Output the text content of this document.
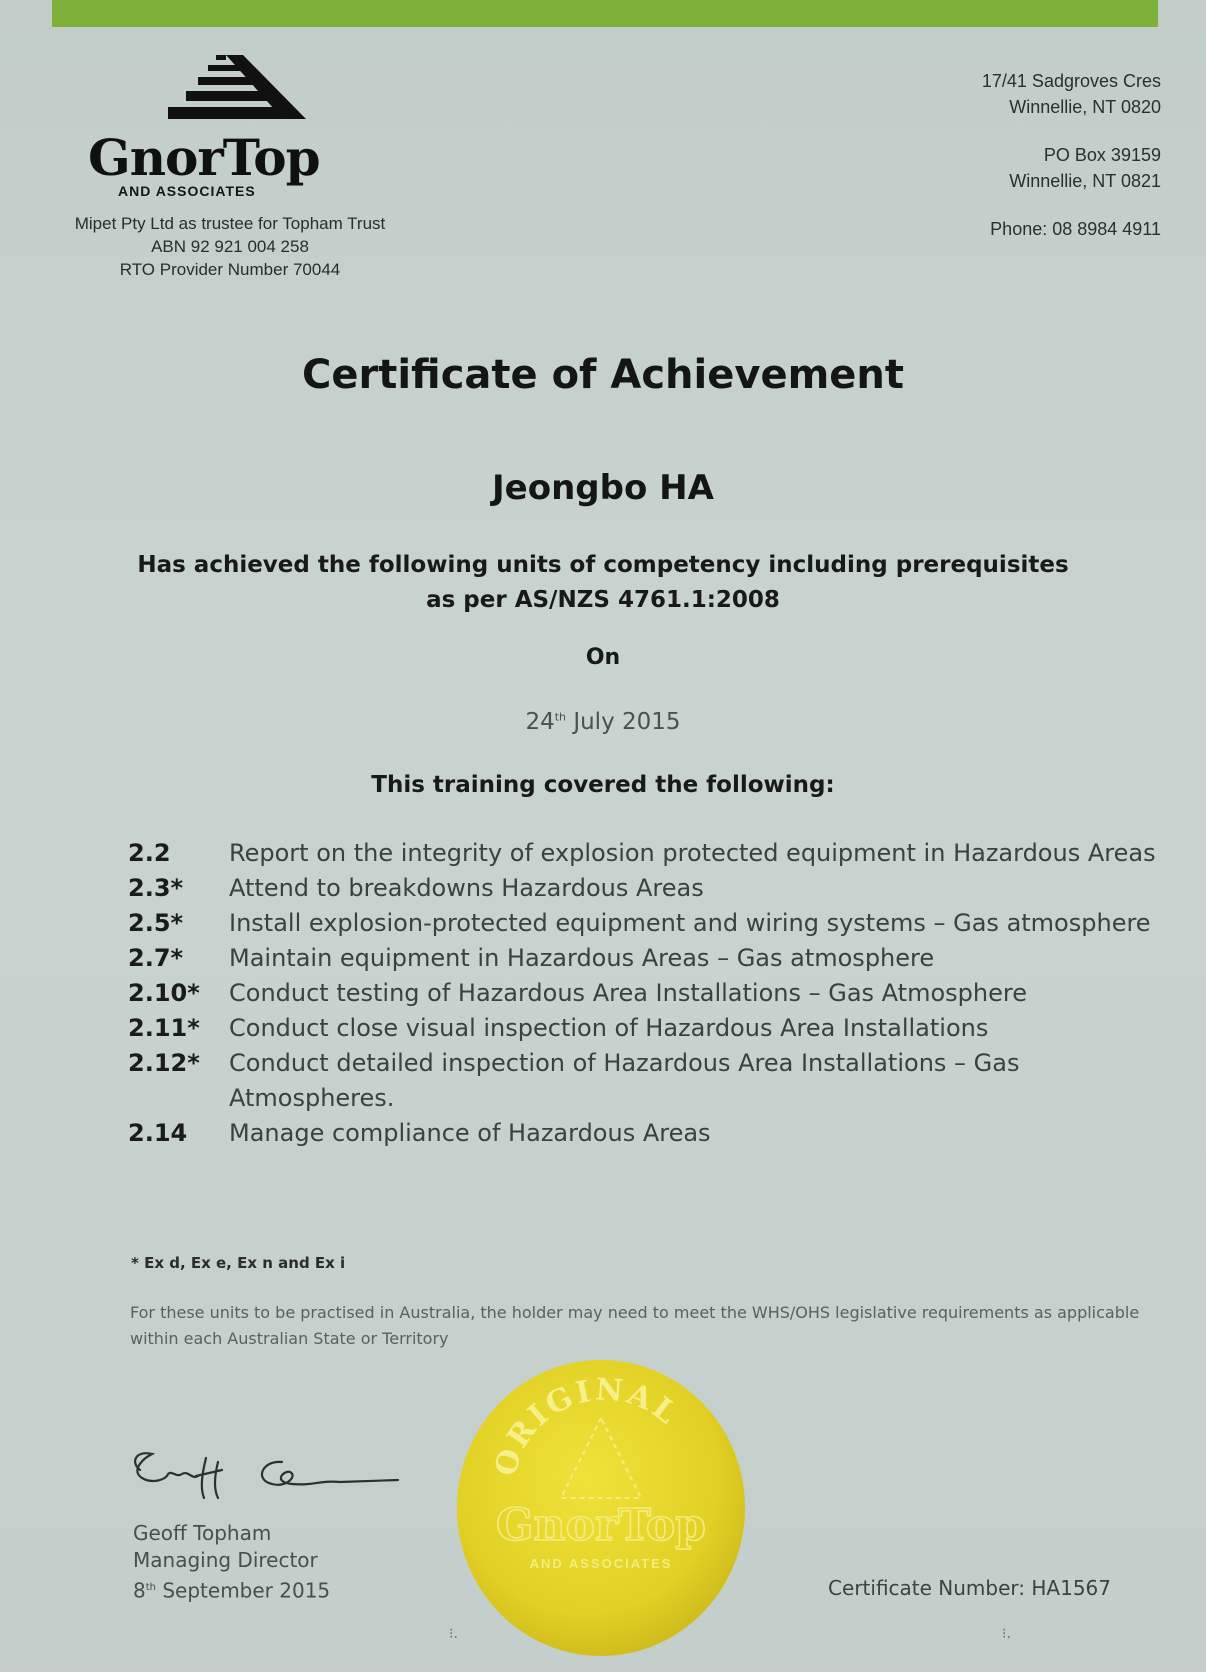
GnorTop
AND ASSOCIATES
Mipet Pty Ltd as trustee for Topham Trust
ABN 92 921 004 258
RTO Provider Number 70044
17/41 Sadgroves Cres
Winnellie, NT 0820
PO Box 39159
Winnellie, NT 0821
Phone: 08 8984 4911
Certificate of Achievement
Jeongbo HA
Has achieved the following units of competency including prerequisites
as per AS/NZS 4761.1:2008
On
24th July 2015
This training covered the following:
2.2	Report on the integrity of explosion protected equipment in Hazardous Areas
2.3*	Attend to breakdowns Hazardous Areas
2.5*	Install explosion-protected equipment and wiring systems – Gas atmosphere
2.7*	Maintain equipment in Hazardous Areas – Gas atmosphere
2.10*	Conduct testing of Hazardous Area Installations – Gas Atmosphere
2.11*	Conduct close visual inspection of Hazardous Area Installations
2.12*	Conduct detailed inspection of Hazardous Area Installations – Gas Atmospheres.
2.14	Manage compliance of Hazardous Areas
* Ex d, Ex e, Ex n and Ex i
For these units to be practised in Australia, the holder may need to meet the WHS/OHS legislative requirements as applicable within each Australian State or Territory
Geoff Topham
Managing Director
8th September 2015
ORIGINAL
GnorTop
AND ASSOCIATES
Certificate Number: HA1567
⁝.	⁝.
